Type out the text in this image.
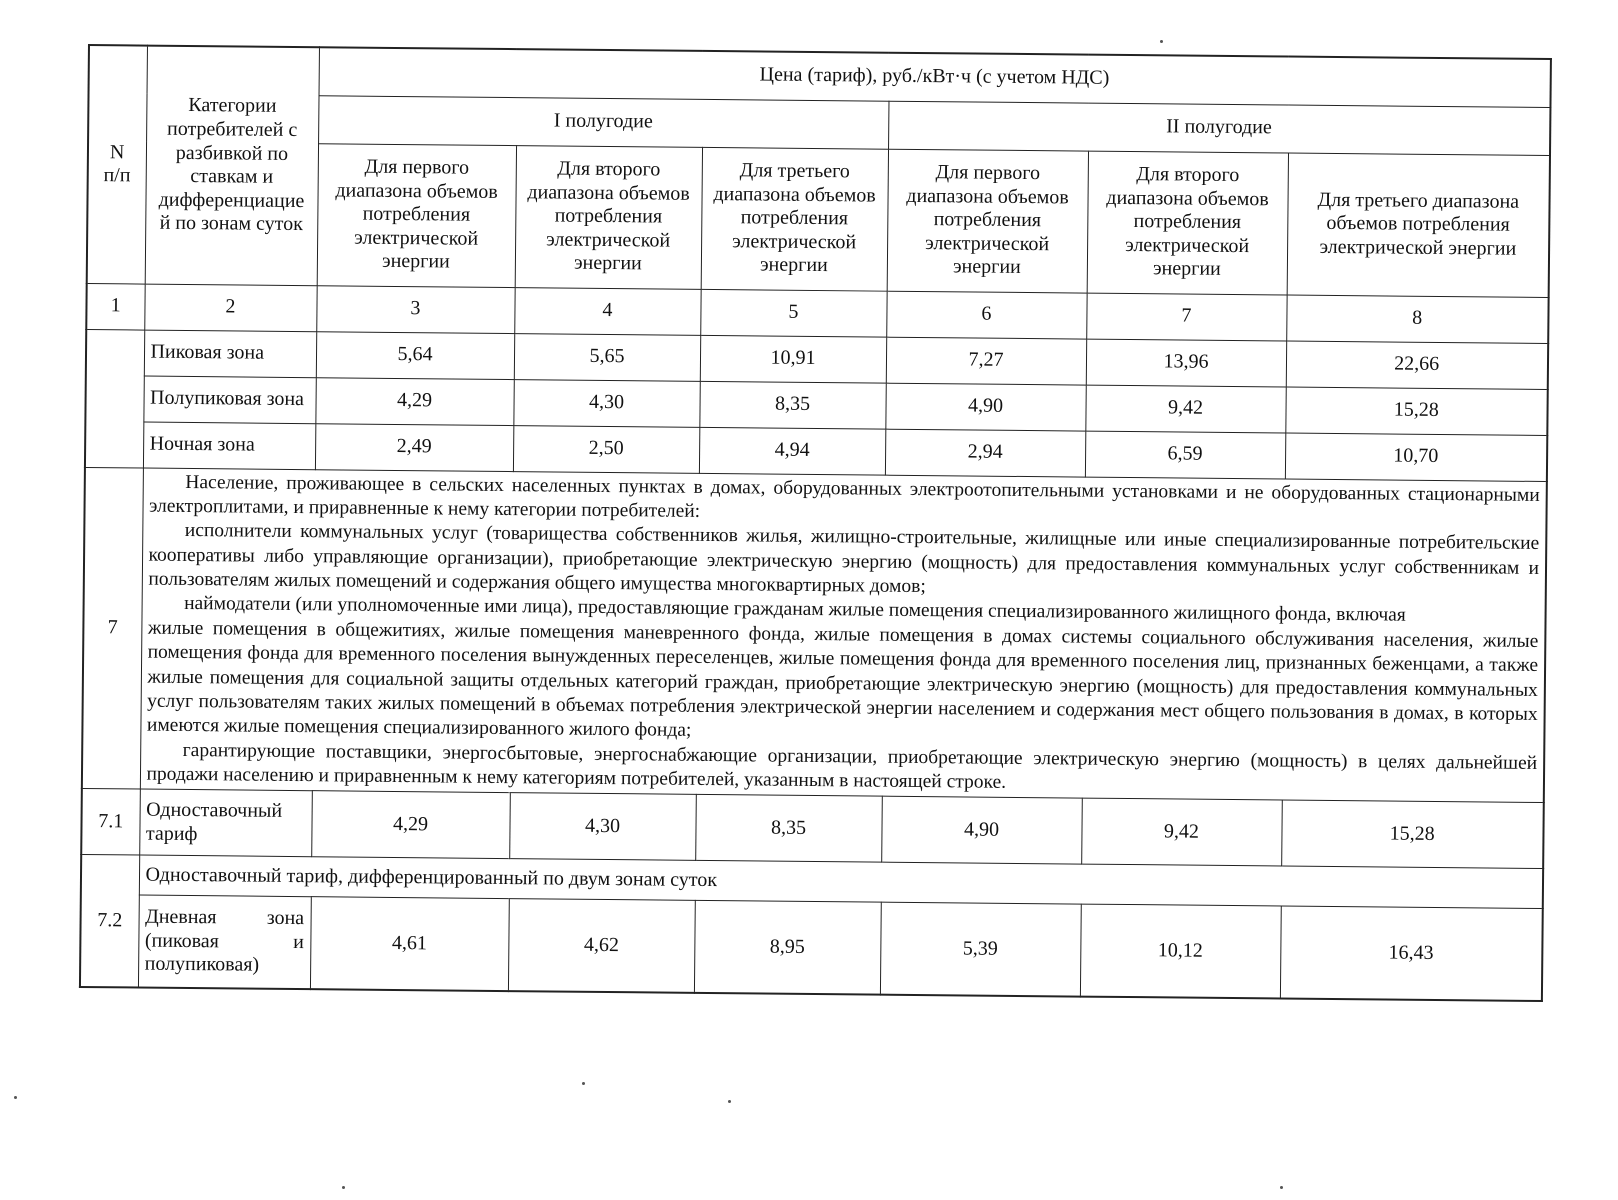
N
п/п	Категории потребителей с разбивкой по ставкам и дифференциацие й по зонам суток	Цена (тариф), руб./кВт·ч (с учетом НДС)					
		I полугодие			II полугодие		
		Для первого диапазона объемов потребления электрической энергии	Для второго диапазона объемов потребления электрической энергии	Для третьего диапазона объемов потребления электрической энергии	Для первого диапазона объемов потребления электрической энергии	Для второго диапазона объемов потребления электрической энергии	Для третьего диапазона объемов потребления электрической энергии
1	2	3	4	5	6	7	8
	Пиковая зона	5,64	5,65	10,91	7,27	13,96	22,66
	Полупиковая зона	4,29	4,30	8,35	4,90	9,42	15,28
	Ночная зона	2,49	2,50	4,94	2,94	6,59	10,70
7	Население, проживающее в сельских населенных пунктах в домах, оборудованных электроотопительными установками и не оборудованных стационарными электроплитами, и приравненные к нему категории потребителей:

исполнители коммунальных услуг (товарищества собственников жилья, жилищно-строительные, жилищные или иные специализированные потребительские кооперативы либо управляющие организации), приобретающие электрическую энергию (мощность) для предоставления коммунальных услуг собственникам и пользователям жилых помещений и содержания общего имущества многоквартирных домов;

наймодатели (или уполномоченные ими лица), предоставляющие гражданам жилые помещения специализированного жилищного фонда, включая

жилые помещения в общежитиях, жилые помещения маневренного фонда, жилые помещения в домах системы социального обслуживания населения, жилые помещения фонда для временного поселения вынужденных переселенцев, жилые помещения фонда для временного поселения лиц, признанных беженцами, а также жилые помещения для социальной защиты отдельных категорий граждан, приобретающие электрическую энергию (мощность) для предоставления коммунальных услуг пользователям таких жилых помещений в объемах потребления электрической энергии населением и содержания мест общего пользования в домах, в которых имеются жилые помещения специализированного жилого фонда;

гарантирующие поставщики, энергосбытовые, энергоснабжающие организации, приобретающие электрическую энергию (мощность) в целях дальнейшей продажи населению и приравненным к нему категориям потребителей, указанным в настоящей строке.						

7.1	Одноставочный тариф	4,29	4,30	8,35	4,90	9,42	15,28
7.2	Одноставочный тариф, дифференцированный по двум зонам суток						
	Дневная зона (пиковая и полупиковая)	4,61	4,62	8,95	5,39	10,12	16,43
